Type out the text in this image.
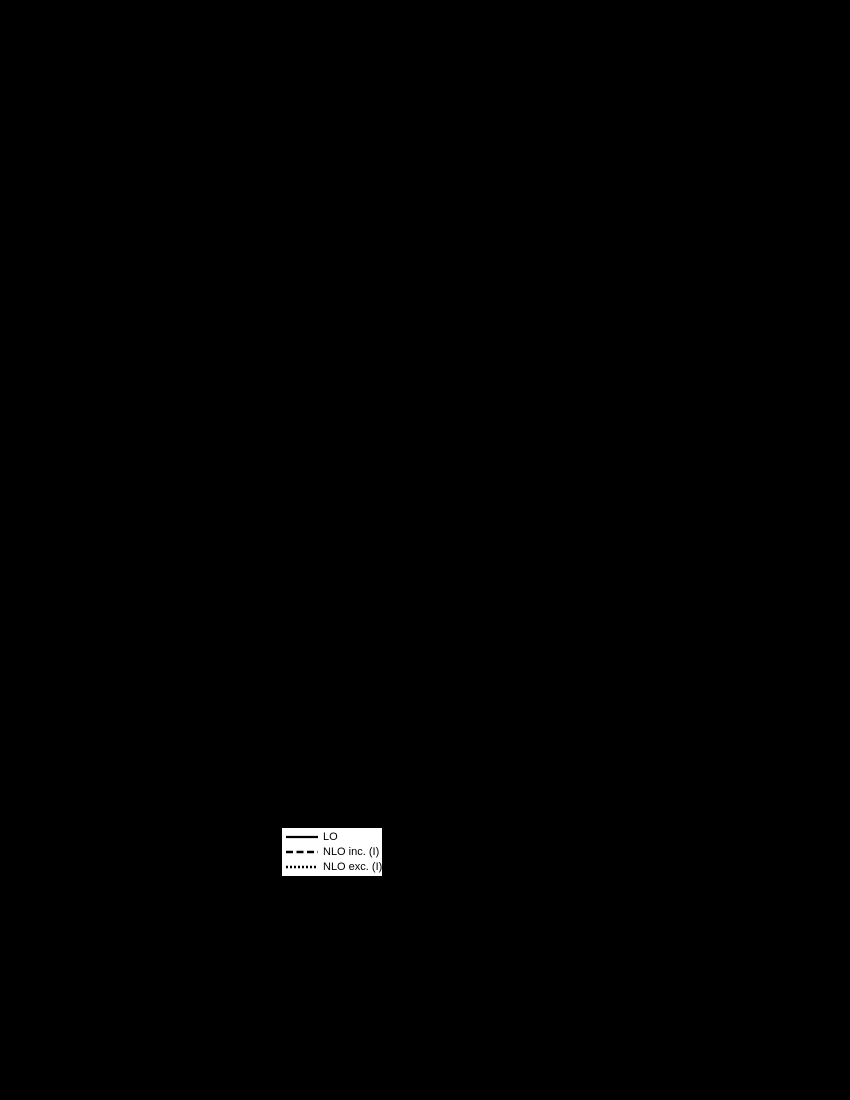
LO
NLO inc. (I)
NLO exc. (I)
